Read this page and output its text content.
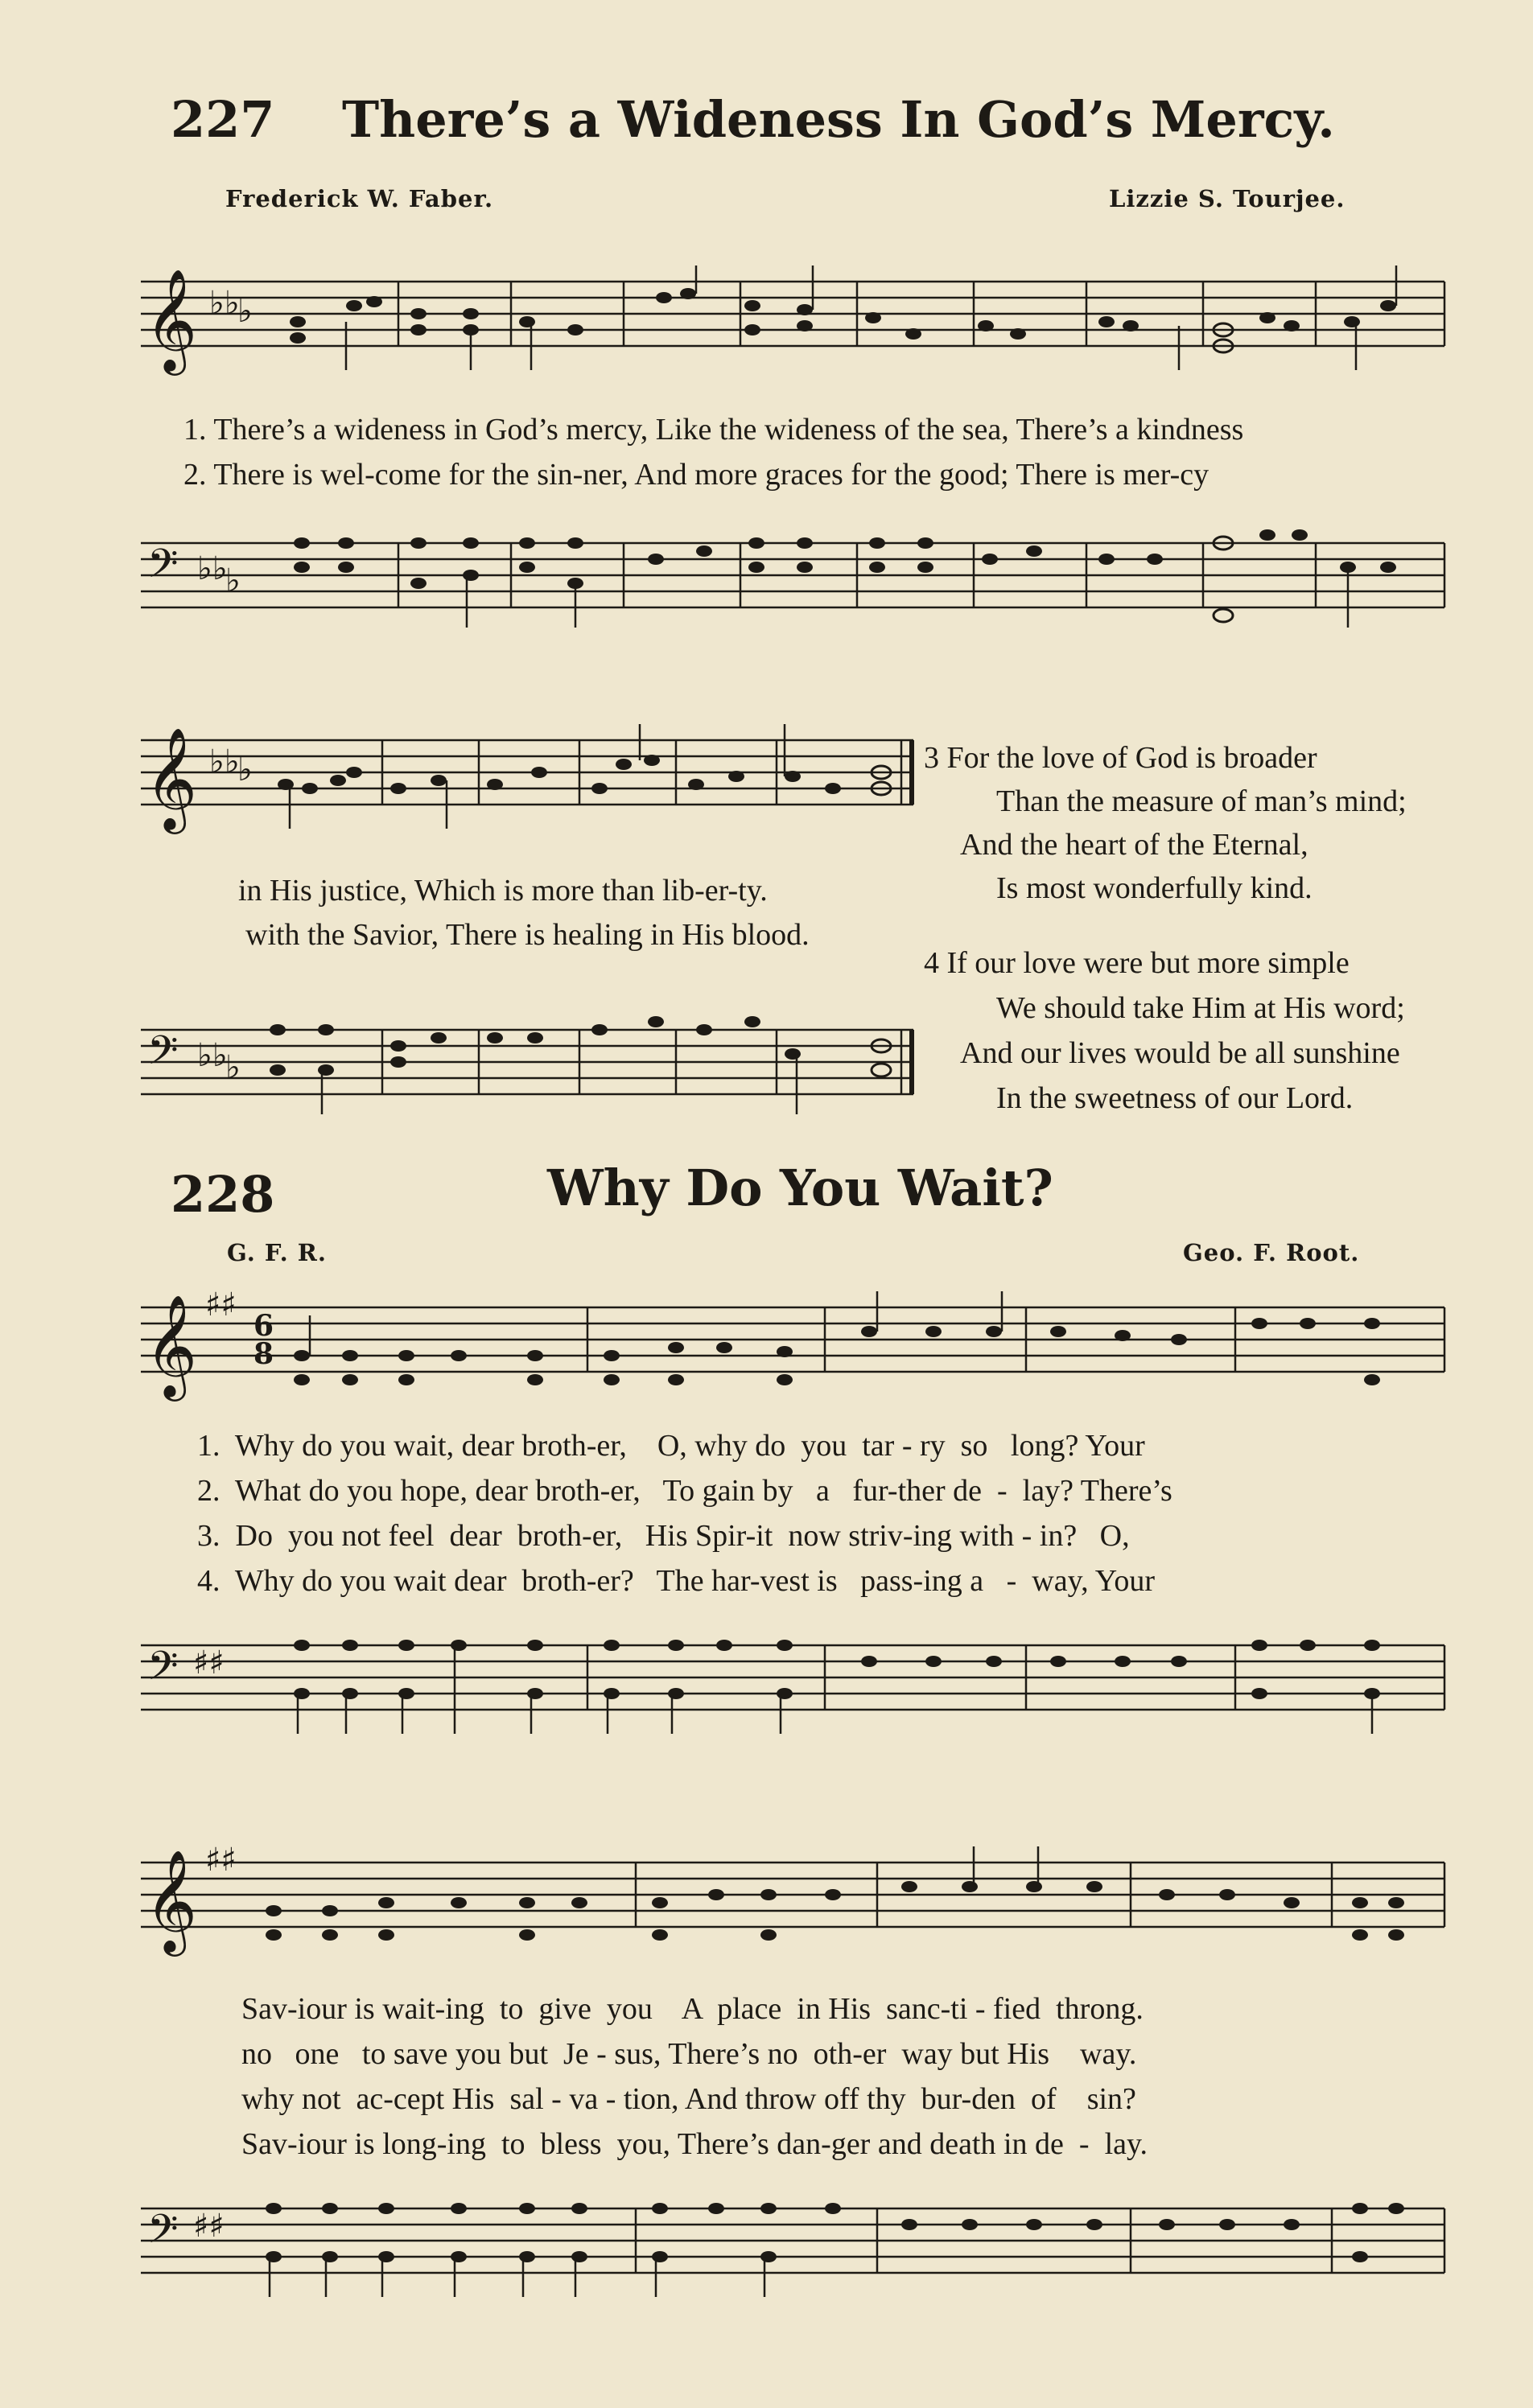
227 There’s a Wideness In God’s Mercy.
Frederick W. Faber.	Lizzie S. Tourjee.
𝄞 ♭♭
♭
1. There’s a wideness in God’s mercy, Like the wideness of the sea, There’s a kindness
2. There is wel-come for the sin-ner, And more graces for the good; There is mer-cy
𝄢 ♭♭
♭
𝄞 ♭♭
♭
in His justice, Which is more than lib-er-ty.
with the Savior, There is healing in His blood.
𝄢 ♭♭
♭
3 For the love of God is broader
Than the measure of man’s mind;
And the heart of the Eternal,
Is most wonderfully kind.
4 If our love were but more simple
We should take Him at His word;
And our lives would be all sunshine
In the sweetness of our Lord.
228	Why Do You Wait?
G. F. R.	Geo. F. Root.
𝄞 ♯♯
6
8
1.  Why do you wait, dear broth-er,    O, why do  you  tar - ry  so   long? Your
2.  What do you hope, dear broth-er,   To gain by   a   fur-ther de  -  lay? There’s
3.  Do  you not feel  dear  broth-er,   His Spir-it  now striv-ing with - in?   O,
4.  Why do you wait dear  broth-er?   The har-vest is   pass-ing a   -  way, Your
𝄢 ♯♯
𝄞 ♯♯
Sav-iour is wait-ing  to  give  you    A  place  in His  sanc-ti - fied  throng.
no   one   to save you but  Je - sus, There’s no  oth-er  way but His    way.
why not  ac-cept His  sal - va - tion, And throw off thy  bur-den  of    sin?
Sav-iour is long-ing  to  bless  you, There’s dan-ger and death in de  -  lay.
𝄢 ♯♯
